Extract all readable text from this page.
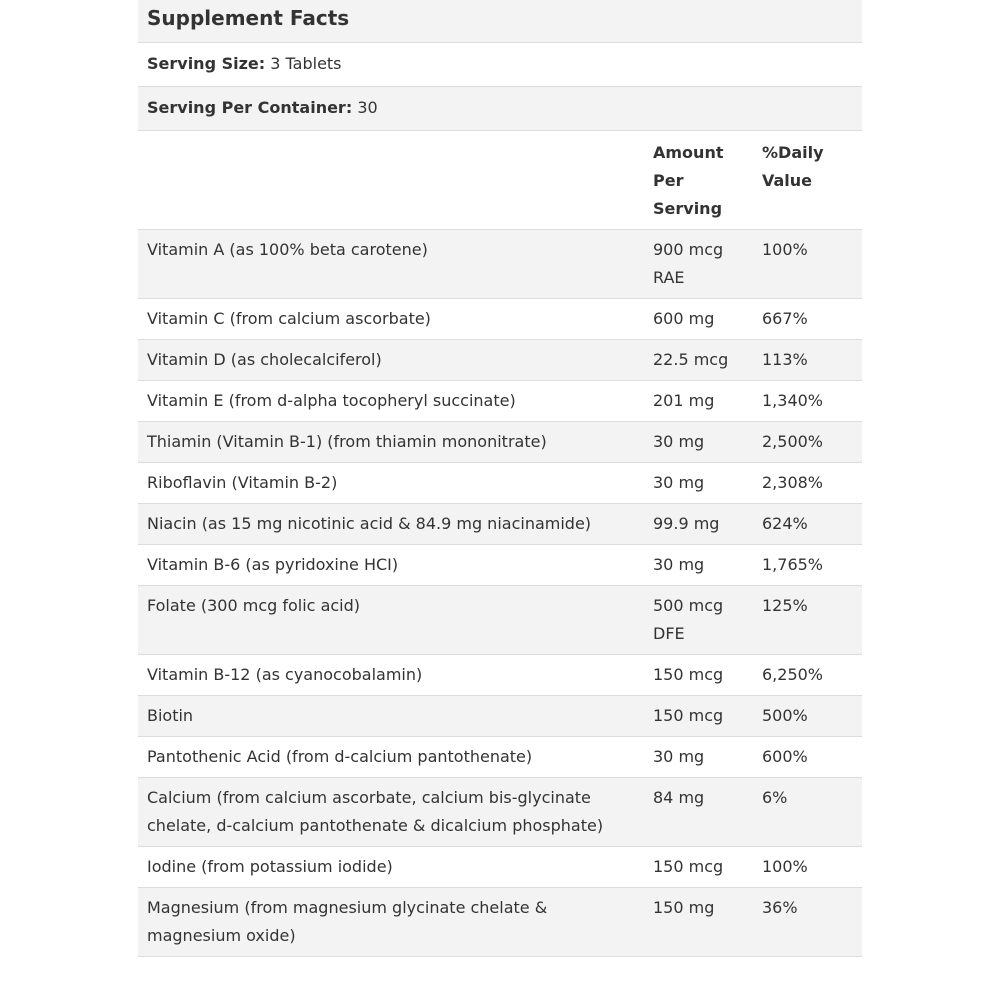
Supplement Facts
Serving Size: 3 Tablets
Serving Per Container: 30
	Amount Per Serving	%Daily Value
Vitamin A (as 100% beta carotene)	900 mcg RAE	100%
Vitamin C (from calcium ascorbate)	600 mg	667%
Vitamin D (as cholecalciferol)	22.5 mcg	113%
Vitamin E (from d-alpha tocopheryl succinate)	201 mg	1,340%
Thiamin (Vitamin B-1) (from thiamin mononitrate)	30 mg	2,500%
Riboflavin (Vitamin B-2)	30 mg	2,308%
Niacin (as 15 mg nicotinic acid & 84.9 mg niacinamide)	99.9 mg	624%
Vitamin B-6 (as pyridoxine HCI)	30 mg	1,765%
Folate (300 mcg folic acid)	500 mcg DFE	125%
Vitamin B-12 (as cyanocobalamin)	150 mcg	6,250%
Biotin	150 mcg	500%
Pantothenic Acid (from d-calcium pantothenate)	30 mg	600%
Calcium (from calcium ascorbate, calcium bis-glycinate chelate, d-calcium pantothenate & dicalcium phosphate)	84 mg	6%
Iodine (from potassium iodide)	150 mcg	100%
Magnesium (from magnesium glycinate chelate & magnesium oxide)	150 mg	36%
